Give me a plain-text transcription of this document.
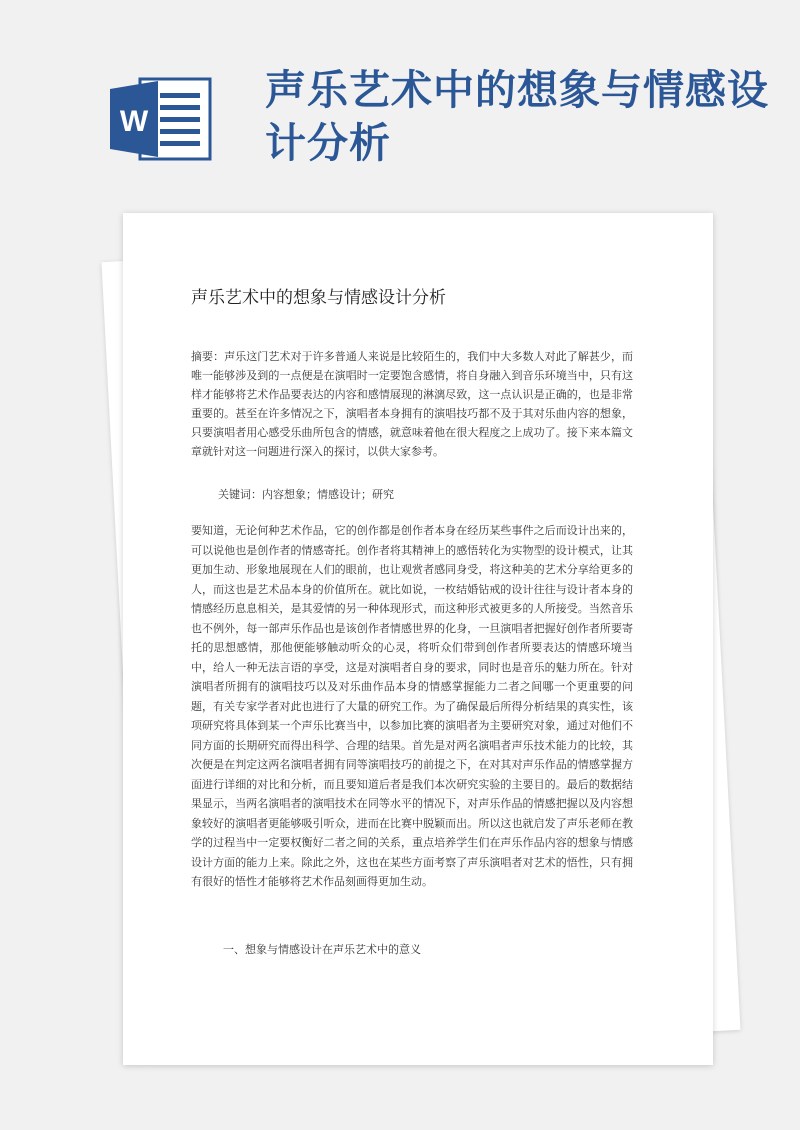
W
声乐艺术中的想象与情感设计分析
声乐艺术中的想象与情感设计分析
摘要：声乐这门艺术对于许多普通人来说是比较陌生的，我们中大多数人对此了解甚少，而唯一能够涉及到的一点便是在演唱时一定要饱含感情，将自身融入到音乐环境当中，只有这样才能够将艺术作品要表达的内容和感情展现的淋漓尽致，这一点认识是正确的，也是非常重要的。甚至在许多情况之下，演唱者本身拥有的演唱技巧都不及于其对乐曲内容的想象，只要演唱者用心感受乐曲所包含的情感，就意味着他在很大程度之上成功了。接下来本篇文章就针对这一问题进行深入的探讨，以供大家参考。
关键词：内容想象；情感设计；研究
要知道，无论何种艺术作品，它的创作都是创作者本身在经历某些事件之后而设计出来的，可以说他也是创作者的情感寄托。创作者将其精神上的感悟转化为实物型的设计模式，让其更加生动、形象地展现在人们的眼前，也让观赏者感同身受，将这种美的艺术分享给更多的人，而这也是艺术品本身的价值所在。就比如说，一枚结婚钻戒的设计往往与设计者本身的情感经历息息相关，是其爱情的另一种体现形式，而这种形式被更多的人所接受。当然音乐也不例外，每一部声乐作品也是该创作者情感世界的化身，一旦演唱者把握好创作者所要寄托的思想感情，那他便能够触动听众的心灵，将听众们带到创作者所要表达的情感环境当中，给人一种无法言语的享受，这是对演唱者自身的要求，同时也是音乐的魅力所在。针对演唱者所拥有的演唱技巧以及对乐曲作品本身的情感掌握能力二者之间哪一个更重要的问题，有关专家学者对此也进行了大量的研究工作。为了确保最后所得分析结果的真实性，该项研究将具体到某一个声乐比赛当中，以参加比赛的演唱者为主要研究对象，通过对他们不同方面的长期研究而得出科学、合理的结果。首先是对两名演唱者声乐技术能力的比较，其次便是在判定这两名演唱者拥有同等演唱技巧的前提之下，在对其对声乐作品的情感掌握方面进行详细的对比和分析，而且要知道后者是我们本次研究实验的主要目的。最后的数据结果显示，当两名演唱者的演唱技术在同等水平的情况下，对声乐作品的情感把握以及内容想象较好的演唱者更能够吸引听众，进而在比赛中脱颖而出。所以这也就启发了声乐老师在教学的过程当中一定要权衡好二者之间的关系，重点培养学生们在声乐作品内容的想象与情感设计方面的能力上来。除此之外，这也在某些方面考察了声乐演唱者对艺术的悟性，只有拥有很好的悟性才能够将艺术作品刻画得更加生动。
一、想象与情感设计在声乐艺术中的意义
